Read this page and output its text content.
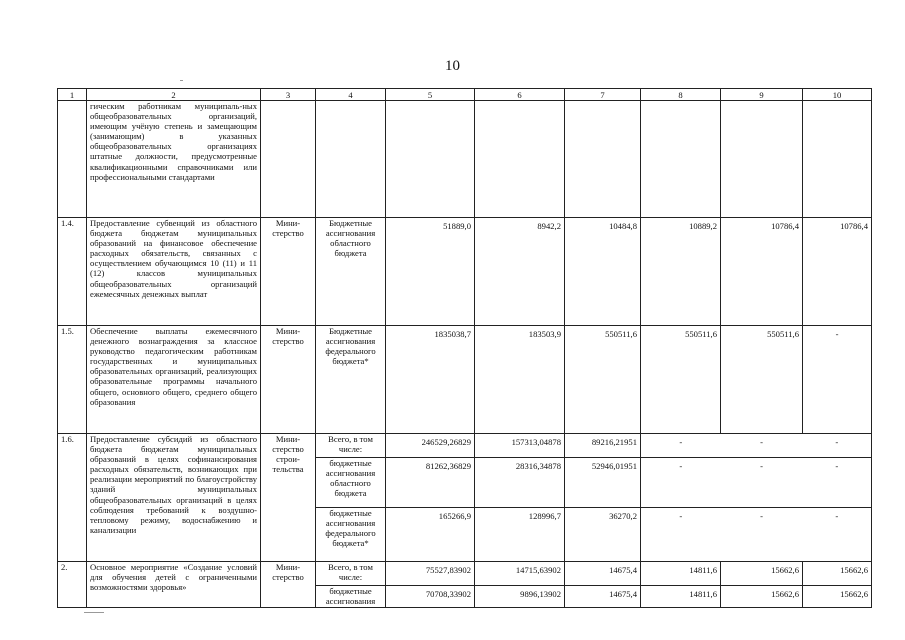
10
1	2	3	4	5	6	7	8	9	10
	гическим работникам муниципаль-ных общеобразовательных организаций, имеющим учёную степень и замещающим (занимающим) в указанных общеобразовательных организациях штатные должности, предусмотренные квалификационными справочниками или профессиональными стандартами								
1.4.	Предоставление субвенций из областного бюджета бюджетам муниципальных образований на финансовое обеспечение расходных обязательств, связанных с осуществлением обучающимся 10 (11) и 11 (12) классов муниципальных общеобразовательных организаций ежемесячных денежных выплат	Мини-стерство	Бюджетные ассигнования областного бюджета	51889,0	8942,2	10484,8	10889,2	10786,4	10786,4
1.5.	Обеспечение выплаты ежемесячного денежного вознаграждения за классное руководство педагогическим работникам государственных и муниципальных образовательных организаций, реализующих образовательные программы начального общего, основного общего, среднего общего образования	Мини-стерство	Бюджетные ассигнования федерального бюджета*	1835038,7	183503,9	550511,6	550511,6	550511,6	-
1.6.	Предоставление субсидий из областного бюджета бюджетам муниципальных образований в целях софинансирования расходных обязательств, возникающих при реализации мероприятий по благоустройству зданий муниципальных общеобразовательных организаций в целях соблюдения требований к воздушно-тепловому режиму, водоснабжению и канализации	Мини-стерство строи-тельства	Всего, в том числе:	246529,26829	157313,04878	89216,21951	-	-	-
			бюджетные ассигнования областного бюджета	81262,36829	28316,34878	52946,01951	-	-	-
			бюджетные ассигнования федерального бюджета*	165266,9	128996,7	36270,2	-	-	-
2.	Основное мероприятие «Создание условий для обучения детей с ограниченными возможностями здоровья»	Мини-стерство	Всего, в том числе:	75527,83902	14715,63902	14675,4	14811,6	15662,6	15662,6
			бюджетные ассигнования	70708,33902	9896,13902	14675,4	14811,6	15662,6	15662,6
